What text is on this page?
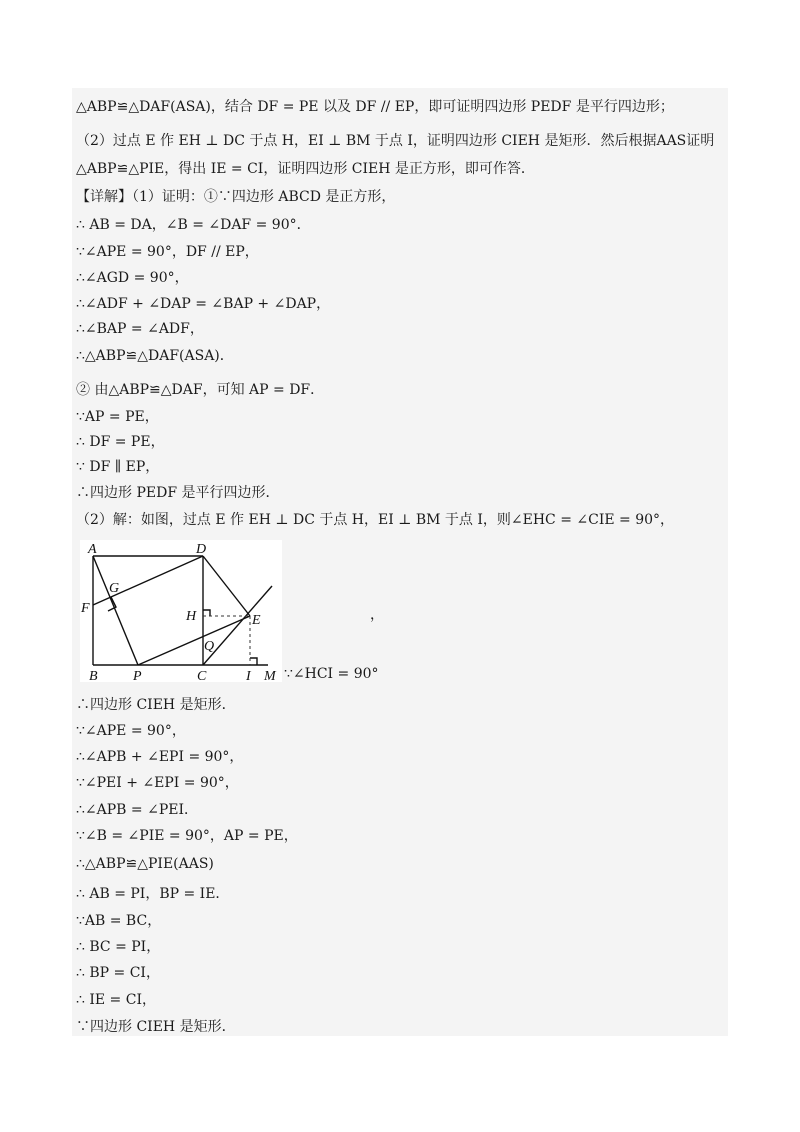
△ABP≌△DAF(ASA)，结合 DF = PE 以及 DF // EP，即可证明四边形 PEDF 是平行四边形；
（2）过点 E 作 EH ⊥ DC 于点 H，EI ⊥ BM 于点 I，证明四边形 CIEH 是矩形．然后根据AAS证明
△ABP≌△PIE，得出 IE = CI，证明四边形 CIEH 是正方形，即可作答．
【详解】（1）证明：①∵四边形 ABCD 是正方形，
∴ AB = DA，∠B = ∠DAF = 90°．
∵∠APE = 90°，DF // EP，
∴∠AGD = 90°，
∴∠ADF + ∠DAP = ∠BAP + ∠DAP，
∴∠BAP = ∠ADF，
∴△ABP≌△DAF(ASA)．
② 由△ABP≌△DAF，可知 AP = DF．
∵AP = PE，
∴ DF = PE，
∵ DF ∥ EP，
∴四边形 PEDF 是平行四边形．
（2）解：如图，过点 E 作 EH ⊥ DC 于点 H，EI ⊥ BM 于点 I，则∠EHC = ∠CIE = 90°，
A	D
G
F
H	E
Q
B	P	C	I M ∵∠HCI = 90°
，
∴四边形 CIEH 是矩形．
∵∠APE = 90°，
∴∠APB + ∠EPI = 90°，
∵∠PEI + ∠EPI = 90°，
∴∠APB = ∠PEI．
∵∠B = ∠PIE = 90°，AP = PE，
∴△ABP≌△PIE(AAS)
∴ AB = PI，BP = IE．
∵AB = BC，
∴ BC = PI，
∴ BP = CI，
∴ IE = CI，
∵四边形 CIEH 是矩形．
